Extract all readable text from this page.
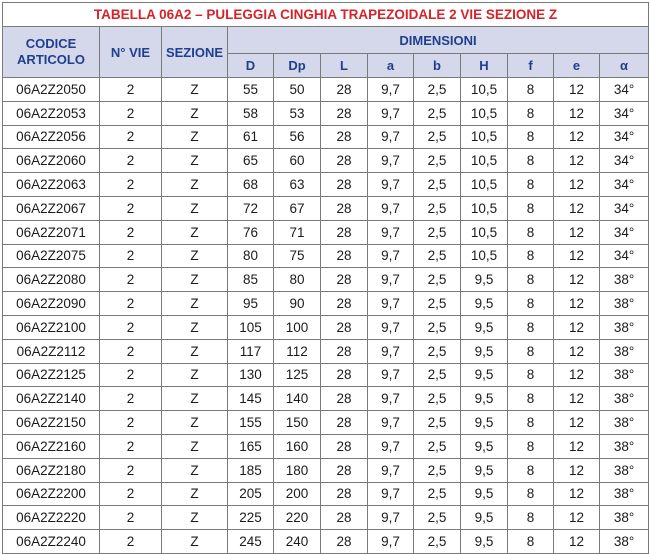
TABELLA 06A2 – PULEGGIA CINGHIA TRAPEZOIDALE 2 VIE SEZIONE Z											
CODICE ARTICOLO	N° VIE	SEZIONE	DIMENSIONI								
			D	Dp	L	a	b	H	f	e	α
06A2Z2050	2	Z	55	50	28	9,7	2,5	10,5	8	12	34°
06A2Z2053	2	Z	58	53	28	9,7	2,5	10,5	8	12	34°
06A2Z2056	2	Z	61	56	28	9,7	2,5	10,5	8	12	34°
06A2Z2060	2	Z	65	60	28	9,7	2,5	10,5	8	12	34°
06A2Z2063	2	Z	68	63	28	9,7	2,5	10,5	8	12	34°
06A2Z2067	2	Z	72	67	28	9,7	2,5	10,5	8	12	34°
06A2Z2071	2	Z	76	71	28	9,7	2,5	10,5	8	12	34°
06A2Z2075	2	Z	80	75	28	9,7	2,5	10,5	8	12	34°
06A2Z2080	2	Z	85	80	28	9,7	2,5	9,5	8	12	38°
06A2Z2090	2	Z	95	90	28	9,7	2,5	9,5	8	12	38°
06A2Z2100	2	Z	105	100	28	9,7	2,5	9,5	8	12	38°
06A2Z2112	2	Z	117	112	28	9,7	2,5	9,5	8	12	38°
06A2Z2125	2	Z	130	125	28	9,7	2,5	9,5	8	12	38°
06A2Z2140	2	Z	145	140	28	9,7	2,5	9,5	8	12	38°
06A2Z2150	2	Z	155	150	28	9,7	2,5	9,5	8	12	38°
06A2Z2160	2	Z	165	160	28	9,7	2,5	9,5	8	12	38°
06A2Z2180	2	Z	185	180	28	9,7	2,5	9,5	8	12	38°
06A2Z2200	2	Z	205	200	28	9,7	2,5	9,5	8	12	38°
06A2Z2220	2	Z	225	220	28	9,7	2,5	9,5	8	12	38°
06A2Z2240	2	Z	245	240	28	9,7	2,5	9,5	8	12	38°
